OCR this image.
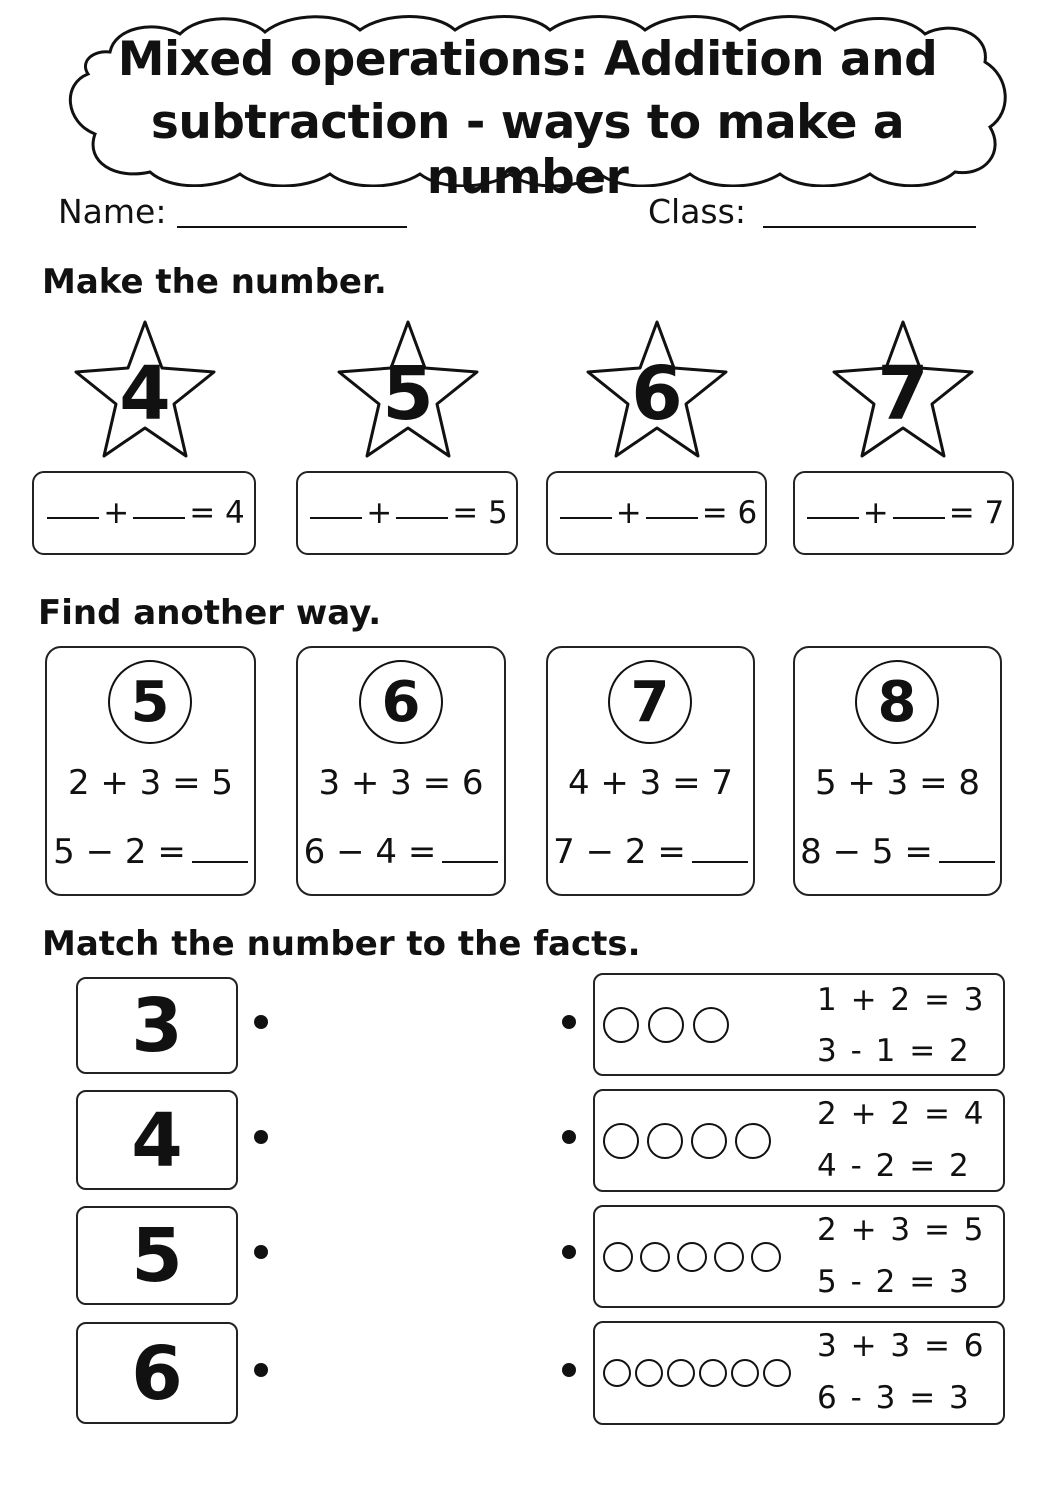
Mixed operations: Addition and
subtraction - ways to make a number
Name:	Class:
Make the number.
4	5	6	7
+ = 4	+ = 5	+ = 6	+ = 7
Find another way.
5
2 + 3 = 5
5 − 2 =
6
3 + 3 = 6
6 − 4 =
7
4 + 3 = 7
7 − 2 =
8
5 + 3 = 8
8 − 5 =
Match the number to the facts.
3
4
5
6
1 + 2 = 3
3 - 1 = 2
2 + 2 = 4
4 - 2 = 2
2 + 3 = 5
5 - 2 = 3
3 + 3 = 6
6 - 3 = 3
